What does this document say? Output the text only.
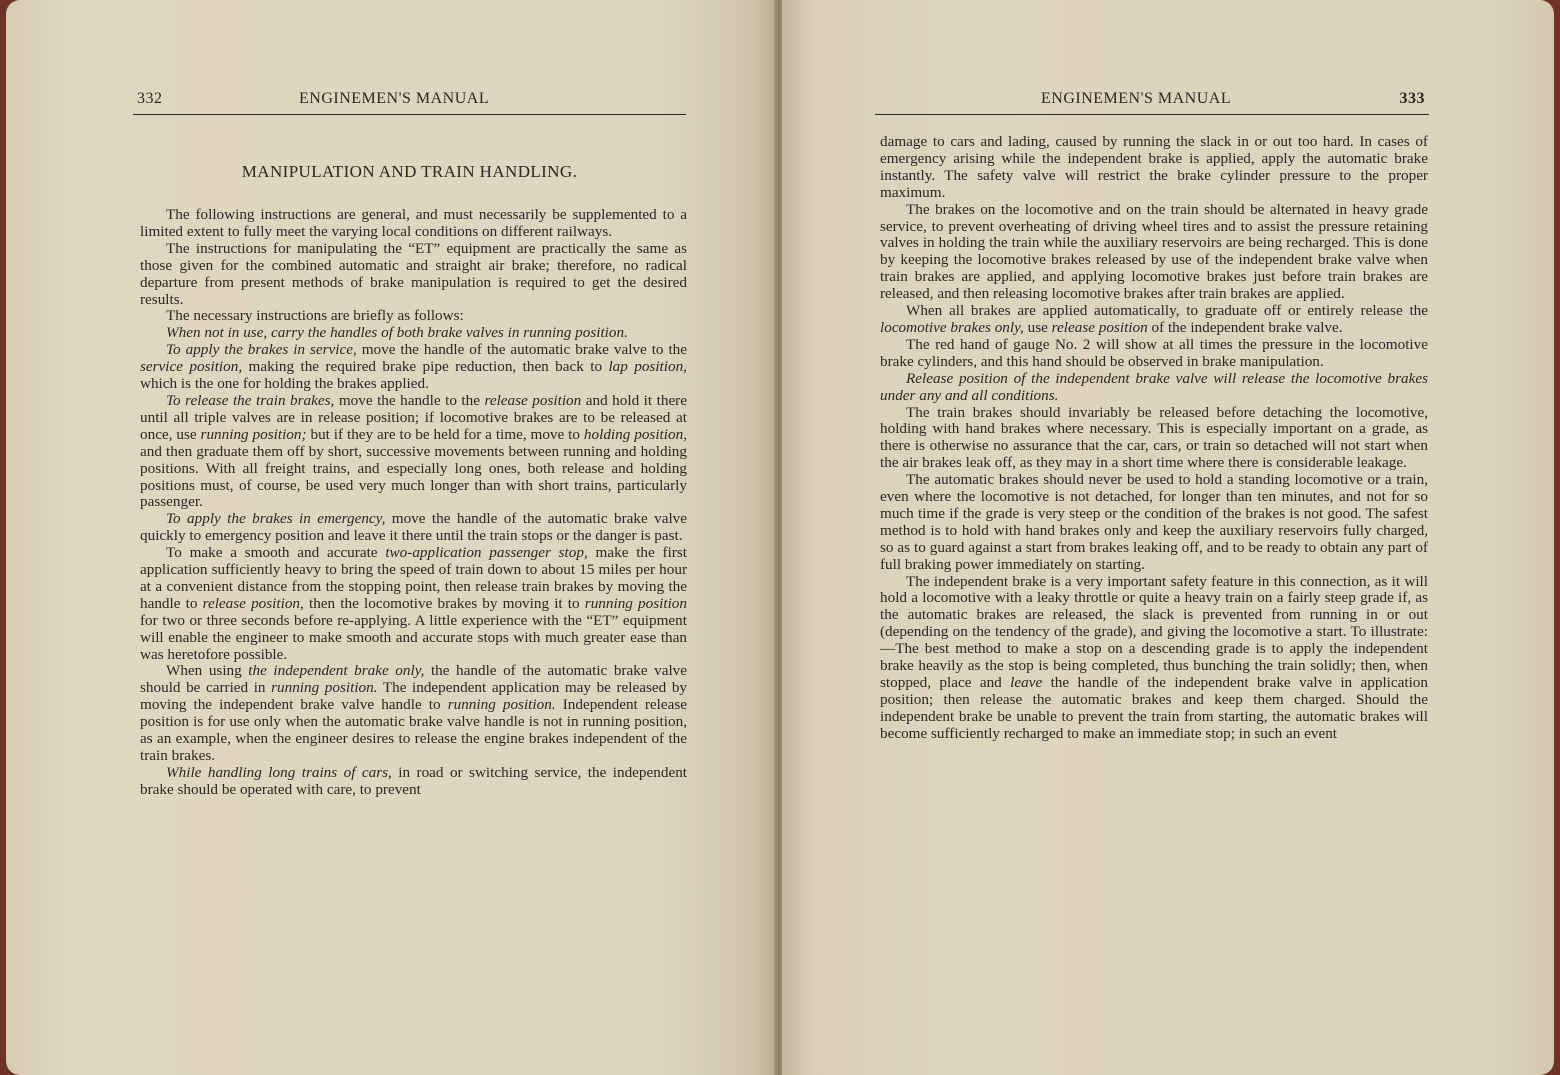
332	ENGINEMEN'S MANUAL
MANIPULATION AND TRAIN HANDLING.

The following instructions are general, and must necessarily be supplemented to a limited extent to fully meet the varying local conditions on different railways.

The instructions for manipulating the “ET” equipment are practically the same as those given for the combined automatic and straight air brake; therefore, no radical departure from present methods of brake manipulation is required to get the desired results.

The necessary instructions are briefly as follows:

When not in use, carry the handles of both brake valves in running position.

To apply the brakes in service, move the handle of the automatic brake valve to the service position, making the required brake pipe reduction, then back to lap position, which is the one for holding the brakes applied.

To release the train brakes, move the handle to the release position and hold it there until all triple valves are in release position; if locomotive brakes are to be released at once, use running position; but if they are to be held for a time, move to holding position, and then graduate them off by short, successive movements between running and holding positions. With all freight trains, and especially long ones, both release and holding positions must, of course, be used very much longer than with short trains, particularly passenger.

To apply the brakes in emergency, move the handle of the automatic brake valve quickly to emergency position and leave it there until the train stops or the danger is past.

To make a smooth and accurate two-application passenger stop, make the first application sufficiently heavy to bring the speed of train down to about 15 miles per hour at a convenient distance from the stopping point, then release train brakes by moving the handle to release position, then the locomotive brakes by moving it to running position for two or three seconds before re-applying. A little experience with the “ET” equipment will enable the engineer to make smooth and accurate stops with much greater ease than was heretofore possible.

When using the independent brake only, the handle of the automatic brake valve should be carried in running position. The independent application may be released by moving the independent brake valve handle to running position. Independent release position is for use only when the automatic brake valve handle is not in running position, as an example, when the engineer desires to release the engine brakes independent of the train brakes.

While handling long trains of cars, in road or switching service, the independent brake should be operated with care, to prevent

ENGINEMEN'S MANUAL	333

damage to cars and lading, caused by running the slack in or out too hard. In cases of emergency arising while the independent brake is applied, apply the automatic brake instantly. The safety valve will restrict the brake cylinder pressure to the proper maximum.

The brakes on the locomotive and on the train should be alternated in heavy grade service, to prevent overheating of driving wheel tires and to assist the pressure retaining valves in holding the train while the auxiliary reservoirs are being recharged. This is done by keeping the locomotive brakes released by use of the independent brake valve when train brakes are applied, and applying locomotive brakes just before train brakes are released, and then releasing locomotive brakes after train brakes are applied.

When all brakes are applied automatically, to graduate off or entirely release the locomotive brakes only, use release position of the independent brake valve.

The red hand of gauge No. 2 will show at all times the pressure in the locomotive brake cylinders, and this hand should be observed in brake manipulation.

Release position of the independent brake valve will release the locomotive brakes under any and all conditions.

The train brakes should invariably be released before detaching the locomotive, holding with hand brakes where necessary. This is especially important on a grade, as there is otherwise no assurance that the car, cars, or train so detached will not start when the air brakes leak off, as they may in a short time where there is considerable leakage.

The automatic brakes should never be used to hold a standing locomotive or a train, even where the locomotive is not detached, for longer than ten minutes, and not for so much time if the grade is very steep or the condition of the brakes is not good. The safest method is to hold with hand brakes only and keep the auxiliary reservoirs fully charged, so as to guard against a start from brakes leaking off, and to be ready to obtain any part of full braking power immediately on starting.

The independent brake is a very important safety feature in this connection, as it will hold a locomotive with a leaky throttle or quite a heavy train on a fairly steep grade if, as the automatic brakes are released, the slack is prevented from running in or out (depending on the tendency of the grade), and giving the locomotive a start. To illustrate:—The best method to make a stop on a descending grade is to apply the independent brake heavily as the stop is being completed, thus bunching the train solidly; then, when stopped, place and leave the handle of the independent brake valve in application position; then release the automatic brakes and keep them charged. Should the independent brake be unable to prevent the train from starting, the automatic brakes will become sufficiently recharged to make an immediate stop; in such an event
